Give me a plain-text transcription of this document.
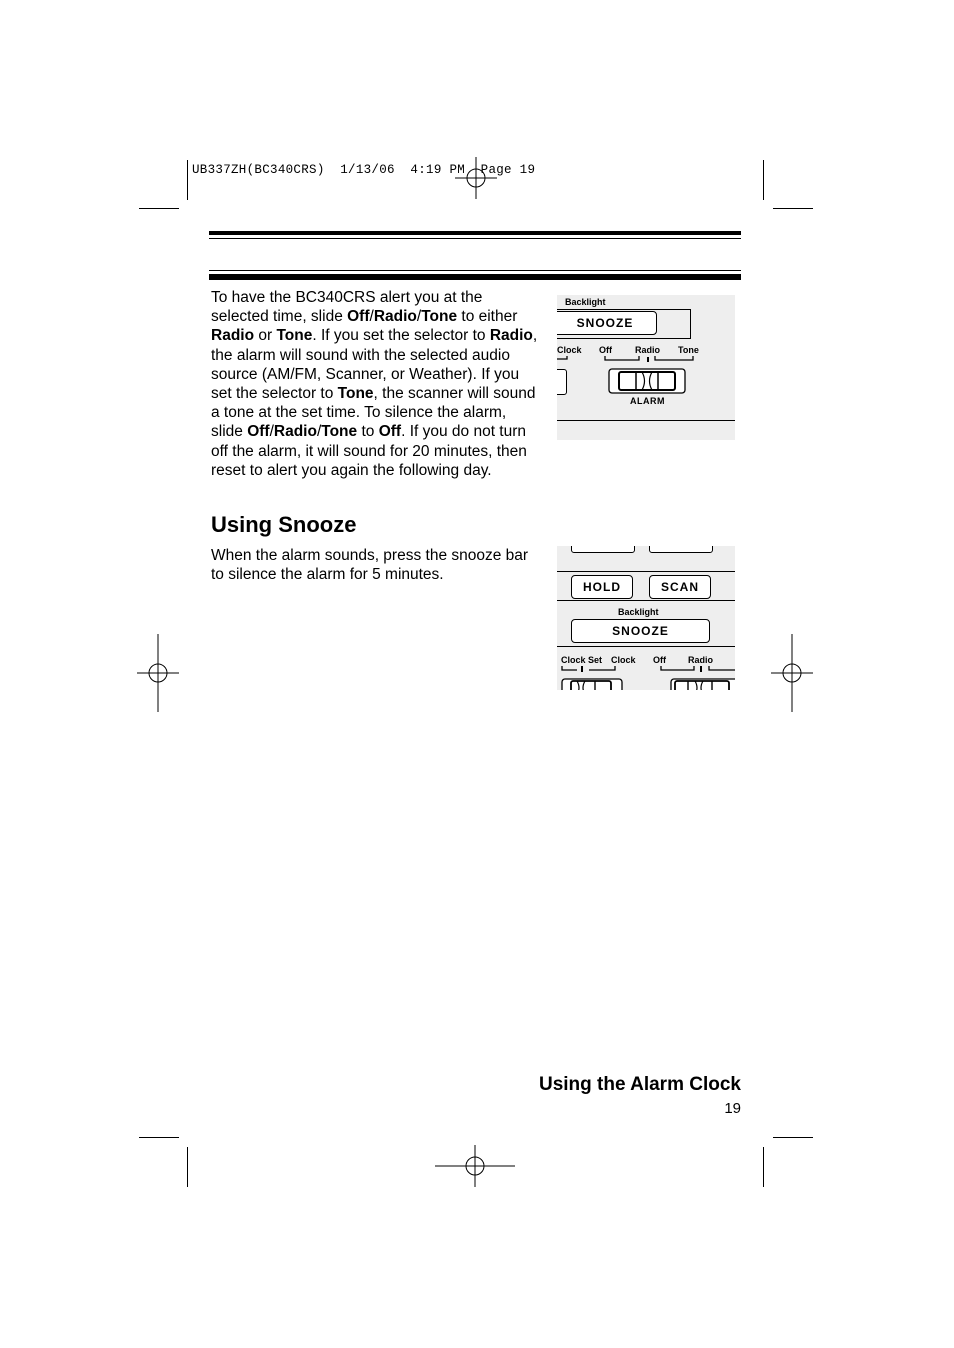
UB337ZH(BC340CRS)  1/13/06  4:19 PM  Page 19
To have the BC340CRS alert you at the selected time, slide Off/Radio/Tone to either Radio or Tone. If you set the selector to Radio, the alarm will sound with the selected audio source (AM/FM, Scanner, or Weather). If you set the selector to Tone, the scanner will sound a tone at the set time. To silence the alarm, slide Off/Radio/Tone to Off. If you do not turn off the alarm, it will sound for 20 minutes, then reset to alert you again the following day.
Using Snooze
When the alarm sounds, press the snooze bar to silence the alarm for 5 minutes.
Backlight
SNOOZE
Clock Off	Radio Tone
ALARM
HOLD	SCAN
Backlight
SNOOZE
Clock Set Clock Off Radio
Using the Alarm Clock
19
